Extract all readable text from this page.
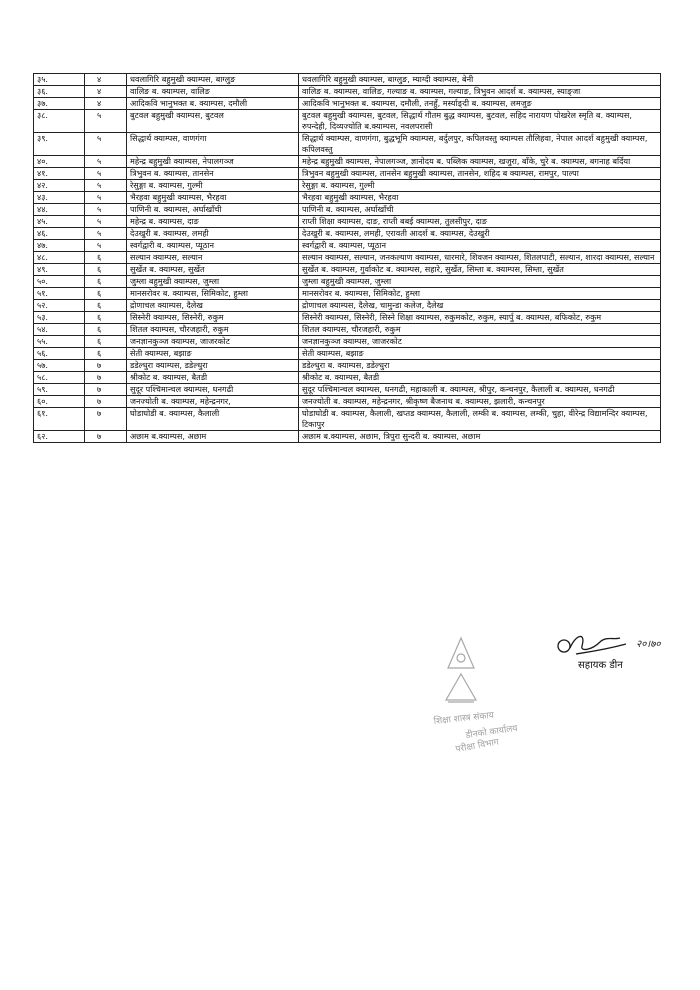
३५.	४	धवलागिरि बहुमुखी क्याम्पस, बाग्लुङ	धवलागिरि बहुमुखी क्याम्पस, बाग्लुङ, म्याग्दी क्याम्पस, बेनी
३६.	४	वालिङ ब. क्याम्पस, वालिङ	वालिङ ब. क्याम्पस, वालिङ, गल्याङ ब. क्याम्पस, गल्याङ, त्रिभुवन आदर्श ब. क्याम्पस, स्याङ्जा
३७.	४	आदिकवि भानुभक्त ब. क्याम्पस, दमौली	आदिकवि भानुभक्त ब. क्याम्पस, दमौली, तनहुँ, मर्स्याङ्दी ब. क्याम्पस, लमजुङ
३८.	५	बुटवल बहुमुखी क्याम्पस, बुटवल	बुटवल बहुमुखी क्याम्पस, बुटवल, सिद्धार्थ गौतम बुद्ध क्याम्पस, बुटवल, सहिद नारायण पोखरेल स्मृति ब. क्याम्पस, रुपन्देही, दिव्यज्योति ब.क्याम्पस, नवलपरासी
३९.	५	सिद्धार्थ क्याम्पस, वाणगंगा	सिद्धार्थ क्याम्पस, वाणगंगा, बुद्धभूमि क्याम्पस, बर्दुलपुर, कपिलवस्तु क्याम्पस तौलिहवा, नेपाल आदर्श बहुमुखी क्याम्पस, कपिलवस्तु
४०.	५	महेन्द्र बहुमुखी क्याम्पस, नेपालगञ्ज	महेन्द्र बहुमुखी क्याम्पस, नेपालगञ्ज, ज्ञानोदय ब. पब्लिक क्याम्पस, खजुरा, बाँके, चुरे ब. क्याम्पस, बगनाह बर्दिया
४१.	५	त्रिभुवन ब. क्याम्पस, तानसेन	त्रिभुवन बहुमुखी क्याम्पस, तानसेन बहुमुखी क्याम्पस, तानसेन, शहिद ब क्याम्पस, रामपुर, पाल्पा
४२.	५	रेसुङ्गा ब. क्याम्पस, गुल्मी	रेसुङ्गा ब. क्याम्पस, गुल्मी
४३.	५	भैरहवा बहुमुखी क्याम्पस, भैरहवा	भैरहवा बहुमुखी क्याम्पस, भैरहवा
४४.	५	पाणिनी ब. क्याम्पस, अर्घाखाँची	पाणिनी ब. क्याम्पस, अर्घाखाँची
४५.	५	महेन्द्र ब. क्याम्पस, दाङ	राप्ती शिक्षा क्याम्पस, दाङ, राप्ती बबई क्याम्पस, तुलसीपुर, दाङ
४६.	५	देउखुरी ब. क्याम्पस, लमही	देउखुरी ब. क्याम्पस, लमही, एरावती आदर्श ब. क्याम्पस, देउखुरी
४७.	५	स्वर्गद्वारी ब. क्याम्पस, प्यूठान	स्वर्गद्वारी ब. क्याम्पस, प्यूठान
४८.	६	सल्यान क्याम्पस, सल्यान	सल्यान क्याम्पस, सल्यान, जनकल्याण क्याम्पस, धारमारे, शिवजन क्याम्पस, शितलपाटी, सल्यान, शारदा क्याम्पस, सल्यान
४९.	६	सुर्खेत ब. क्याम्पस, सुर्खेत	सुर्खेत ब. क्याम्पस, गुर्वाकोट ब. क्याम्पस, सहारे, सुर्खेत, सिम्ता ब. क्याम्पस, सिम्ता, सुर्खेत
५०.	६	जुम्ला बहुमुखी क्याम्पस, जुम्ला	जुम्ला बहुमुखी क्याम्पस, जुम्ला
५१.	६	मानसरोवर ब. क्याम्पस, सिमिकोट, हुम्ला	मानसरोवर ब. क्याम्पस, सिमिकोट, हुम्ला
५२.	६	द्रोणाचल क्याम्पस, दैलेख	द्रोणाचल क्याम्पस, दैलेख, चामुन्डा कलेज, दैलेख
५३.	६	सिस्नेरी क्याम्पस, सिस्नेरी, रुकुम	सिस्नेरी क्याम्पस, सिस्नेरी, सिस्ने शिक्षा क्याम्पस, रुकुमकोट, रुकुम, स्यार्पु ब. क्याम्पस, बफिकोट, रुकुम
५४.	६	शितल क्याम्पस, चौरजहारी, रुकुम	शितल क्याम्पस, चौरजहारी, रुकुम
५५.	६	जनज्ञानकुञ्ज क्याम्पस, जाजरकोट	जनज्ञानकुञ्ज क्याम्पस, जाजरकोट
५६.	६	सेती क्याम्पस, बझाङ	सेती क्याम्पस, बझाङ
५७.	७	डडेल्धुरा क्याम्पस, डडेल्धुरा	डडेल्धुरा ब. क्याम्पस, डडेल्धुरा
५८.	७	श्रीकोट ब. क्याम्पस, बैतडी	श्रीकोट ब. क्याम्पस, बैतडी
५९.	७	सुदूर पश्चिमान्चल क्याम्पस, धनगढी	सुदूर पश्चिमान्चल क्याम्पस, धनगढी, महाकाली ब. क्याम्पस, श्रीपुर, कन्चनपुर, कैलाली ब. क्याम्पस, धनगढी
६०.	७	जनज्योती ब. क्याम्पस, महेन्द्रनगर,	जनज्योती ब. क्याम्पस, महेन्द्रनगर, श्रीकृष्ण बैजनाथ ब. क्याम्पस, झलारी, कन्चनपुर
६१.	७	घोडाघोडी ब. क्याम्पस, कैलाली	घोडाघोडी ब. क्याम्पस, कैलाली, खप्तड क्याम्पस, कैलाली, लम्की ब. क्याम्पस, लम्की, चुहा, वीरेन्द्र विद्यामन्दिर क्याम्पस, टिकापुर
६२.	७	अछाम ब.क्याम्पस, अछाम	अछाम ब.क्याम्पस, अछाम, त्रिपुरा सुन्दरी ब. क्याम्पस, अछाम
शिक्षा शास्त्र संकाय
डीनको कार्यालय
परीक्षा विभाग
२०।७०
सहायक डीन
